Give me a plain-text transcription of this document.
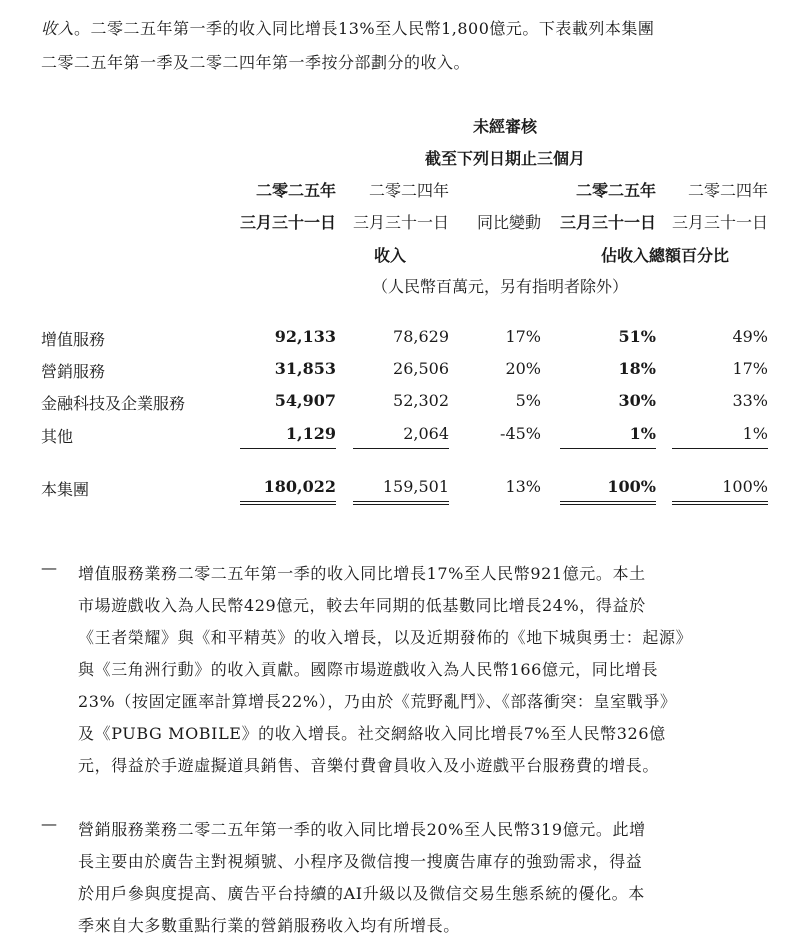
收入。二零二五年第一季的收入同比增長13%至人民幣1,800億元。下表載列本集團

二零二五年第一季及二零二四年第一季按分部劃分的收入。

未經審核
截至下列日期止三個月
二零二五年	二零二四年	二零二五年	二零二四年
三月三十一日	三月三十一日	同比變動	三月三十一日 三月三十一日
收入	佔收入總額百分比
（人民幣百萬元，另有指明者除外）
增值服務	92,133	78,629	17%	51%	49%
營銷服務	31,853	26,506	20%	18%	17%
金融科技及企業服務	54,907	52,302	5%	30%	33%
其他	1,129	2,064	-45%	1%	1%
本集團	180,022	159,501	13%	100%	100%
— 增值服務業務二零二五年第一季的收入同比增長17%至人民幣921億元。本土
市場遊戲收入為人民幣429億元，較去年同期的低基數同比增長24%，得益於
《王者榮耀》與《和平精英》的收入增長，以及近期發佈的《地下城與勇士：起源》
與《三角洲行動》的收入貢獻。國際市場遊戲收入為人民幣166億元，同比增長
23%（按固定匯率計算增長22%），乃由於《荒野亂鬥》、《部落衝突：皇室戰爭》
及《PUBG MOBILE》的收入增長。社交網絡收入同比增長7%至人民幣326億
元，得益於手遊虛擬道具銷售、音樂付費會員收入及小遊戲平台服務費的增長。
— 營銷服務業務二零二五年第一季的收入同比增長20%至人民幣319億元。此增
長主要由於廣告主對視頻號、小程序及微信搜一搜廣告庫存的強勁需求，得益
於用戶參與度提高、廣告平台持續的AI升級以及微信交易生態系統的優化。本
季來自大多數重點行業的營銷服務收入均有所增長。
